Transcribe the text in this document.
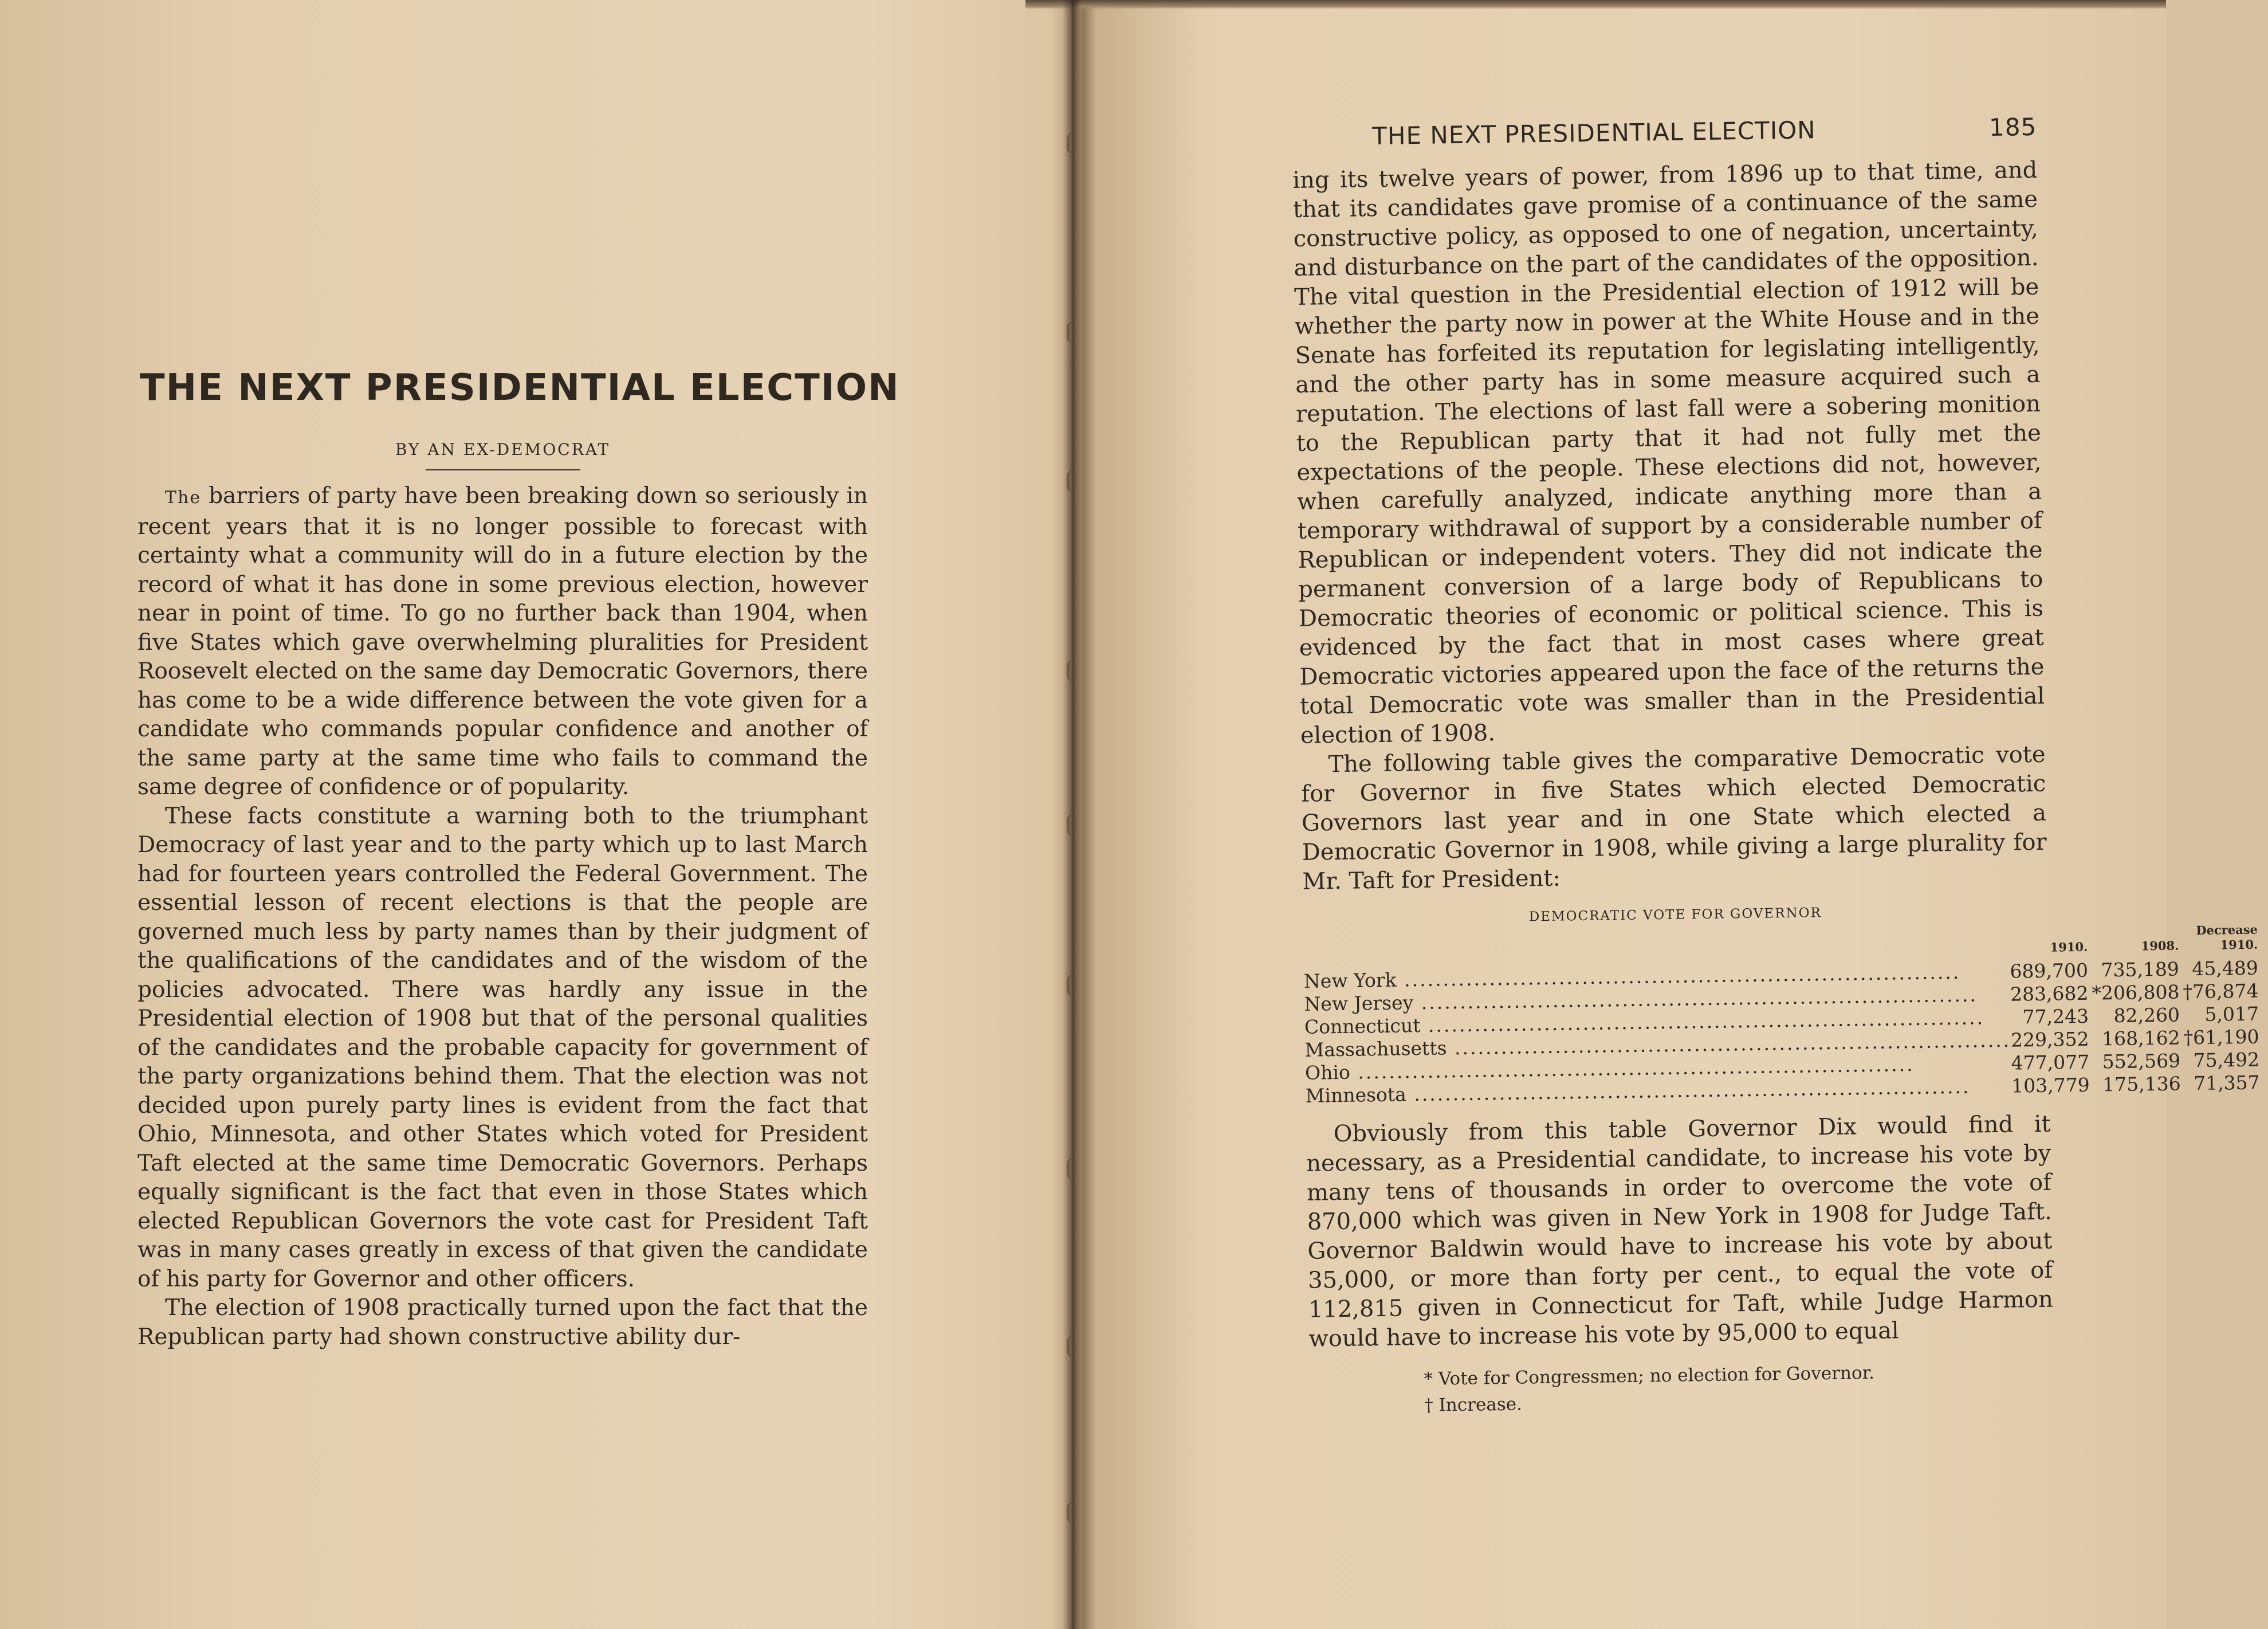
THE NEXT PRESIDENTIAL ELECTION
BY AN EX-DEMOCRAT

The barriers of party have been breaking down so seriously in recent years that it is no longer possible to forecast with certainty what a community will do in a future election by the record of what it has done in some previous election, however near in point of time. To go no further back than 1904, when five States which gave overwhelming pluralities for President Roosevelt elected on the same day Democratic Governors, there has come to be a wide difference between the vote given for a candidate who commands popular confidence and another of the same party at the same time who fails to command the same degree of confidence or of popularity.

These facts constitute a warning both to the triumphant Democracy of last year and to the party which up to last March had for fourteen years controlled the Federal Government. The essential lesson of recent elections is that the people are governed much less by party names than by their judgment of the qualifications of the candidates and of the wisdom of the policies advocated. There was hardly any issue in the Presidential election of 1908 but that of the personal qualities of the candidates and the probable capacity for government of the party organizations behind them. That the election was not decided upon purely party lines is evident from the fact that Ohio, Minnesota, and other States which voted for President Taft elected at the same time Democratic Governors. Perhaps equally significant is the fact that even in those States which elected Republican Governors the vote cast for President Taft was in many cases greatly in excess of that given the candidate of his party for Governor and other officers.

The election of 1908 practically turned upon the fact that the Republican party had shown constructive ability dur-

THE NEXT PRESIDENTIAL ELECTION	185

ing its twelve years of power, from 1896 up to that time, and that its candidates gave promise of a continuance of the same constructive policy, as opposed to one of negation, uncertainty, and disturbance on the part of the candidates of the opposition. The vital question in the Presidential election of 1912 will be whether the party now in power at the White House and in the Senate has forfeited its reputation for legislating intelligently, and the other party has in some measure acquired such a reputation. The elections of last fall were a sobering monition to the Republican party that it had not fully met the expectations of the people. These elections did not, however, when carefully analyzed, indicate anything more than a temporary withdrawal of support by a considerable number of Republican or independent voters. They did not indicate the permanent conversion of a large body of Republicans to Democratic theories of economic or political science. This is evidenced by the fact that in most cases where great Democratic victories appeared upon the face of the returns the total Democratic vote was smaller than in the Presidential election of 1908.

The following table gives the comparative Democratic vote for Governor in five States which elected Democratic Governors last year and in one State which elected a Democratic Governor in 1908, while giving a large plurality for Mr. Taft for President:

DEMOCRATIC VOTE FOR GOVERNOR
	1910.	1908.	Decrease 1910.
New York .....	689,700	735,189	45,489
New Jersey .....	283,682	*206,808	†76,874
Connecticut .....	77,243	82,260	5,017
Massachusetts .....	229,352	168,162	†61,190
Ohio .....	477,077	552,569	75,492
Minnesota .....	103,779	175,136	71,357

Obviously from this table Governor Dix would find it necessary, as a Presidential candidate, to increase his vote by many tens of thousands in order to overcome the vote of 870,000 which was given in New York in 1908 for Judge Taft. Governor Baldwin would have to increase his vote by about 35,000, or more than forty per cent., to equal the vote of 112,815 given in Connecticut for Taft, while Judge Harmon would have to increase his vote by 95,000 to equal

* Vote for Congressmen; no election for Governor.
† Increase.
